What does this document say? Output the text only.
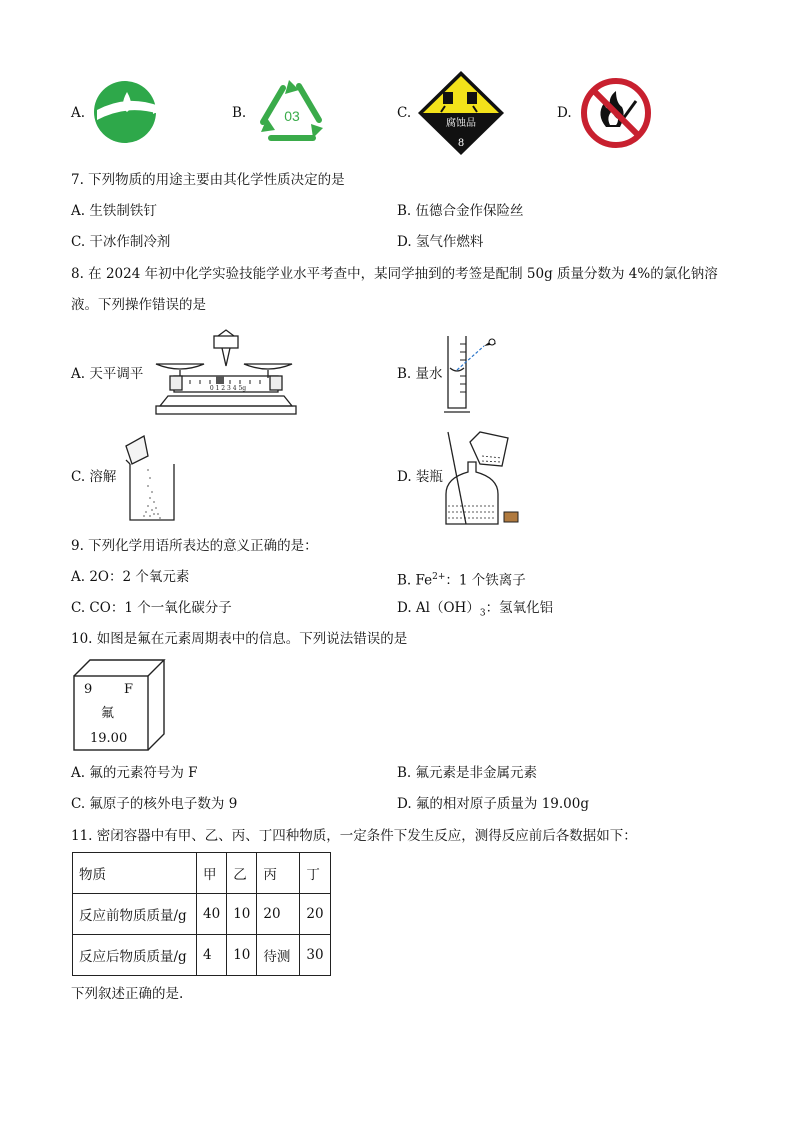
A.	B.	03	C.
腐蚀品
8
D.
7. 下列物质的用途主要由其化学性质决定的是
A. 生铁制铁钉	B. 伍德合金作保险丝
C. 干冰作制冷剂	D. 氢气作燃料
8. 在 2024 年初中化学实验技能学业水平考查中，某同学抽到的考签是配制 50g 质量分数为 4%的氯化钠溶
液。下列操作错误的是
A. 天平调平
0 1 2 3 4 5g
B. 量水
C. 溶解	D. 装瓶
9. 下列化学用语所表达的意义正确的是：
A. 2O：2 个氧元素	B. $Fe^{2+}$：1 个铁离子
C. CO：1 个一氧化碳分子	D. $Al(OH)_3$：氢氧化铝
10. 如图是氟在元素周期表中的信息。下列说法错误的是
9 F
氟
19.00
A. 氟的元素符号为 F	B. 氟元素是非金属元素
C. 氟原子的核外电子数为 9	D. 氟的相对原子质量为 19.00g
11. 密闭容器中有甲、乙、丙、丁四种物质，一定条件下发生反应，测得反应前后各数据如下：
物质	甲	乙	丙	丁
反应前物质质量/g	40	10	20	20
反应后物质质量/g	4	10	待测	30
下列叙述正确的是.
